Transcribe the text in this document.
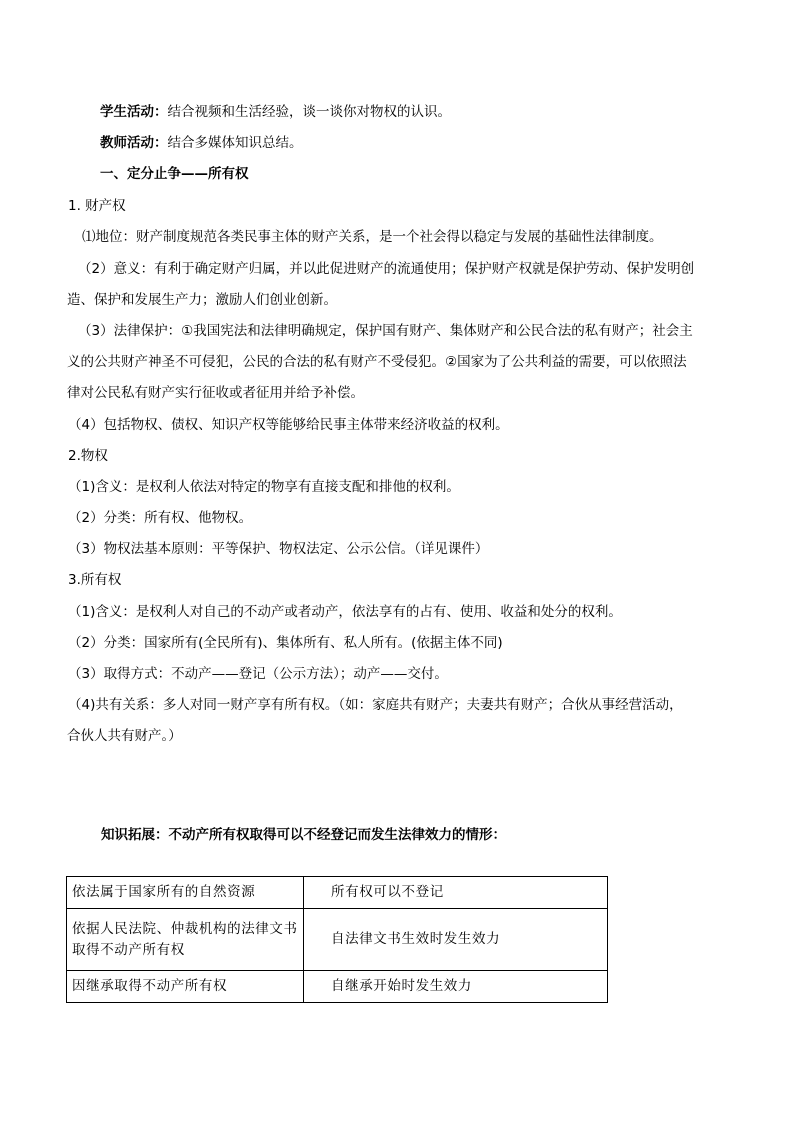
学生活动：结合视频和生活经验，谈一谈你对物权的认识。
教师活动：结合多媒体知识总结。
一、定分止争——所有权
1. 财产权
⑴地位：财产制度规范各类民事主体的财产关系，是一个社会得以稳定与发展的基础性法律制度。
（2）意义：有利于确定财产归属，并以此促进财产的流通使用；保护财产权就是保护劳动、保护发明创
造、保护和发展生产力；激励人们创业创新。
（3）法律保护：①我国宪法和法律明确规定，保护国有财产、集体财产和公民合法的私有财产；社会主
义的公共财产神圣不可侵犯，公民的合法的私有财产不受侵犯。②国家为了公共利益的需要，可以依照法
律对公民私有财产实行征收或者征用并给予补偿。
（4）包括物权、债权、知识产权等能够给民事主体带来经济收益的权利。
2.物权
（1)含义：是权利人依法对特定的物享有直接支配和排他的权利。
（2）分类：所有权、他物权。
（3）物权法基本原则：平等保护、物权法定、公示公信。（详见课件）
3.所有权
（1)含义：是权利人对自己的不动产或者动产，依法享有的占有、使用、收益和处分的权利。
（2）分类：国家所有(全民所有)、集体所有、私人所有。(依据主体不同)
（3）取得方式：不动产——登记（公示方法）；动产——交付。
（4)共有关系：多人对同一财产享有所有权。（如：家庭共有财产；夫妻共有财产；合伙从事经营活动，
合伙人共有财产。）
知识拓展：不动产所有权取得可以不经登记而发生法律效力的情形：
依法属于国家所有的自然资源	所有权可以不登记
依据人民法院、仲裁机构的法律文书取得不动产所有权	自法律文书生效时发生效力
因继承取得不动产所有权	自继承开始时发生效力
